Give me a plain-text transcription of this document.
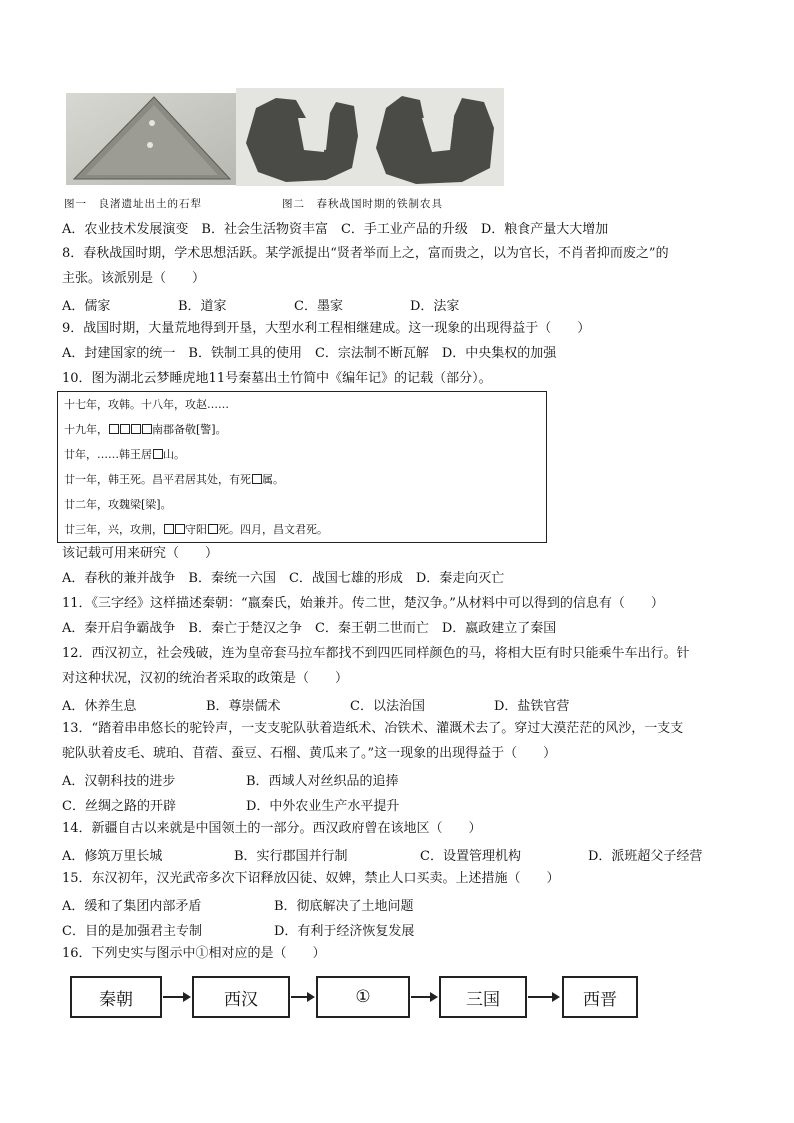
图一　良渚遗址出土的石犁	图二　春秋战国时期的铁制农具
A．农业技术发展演变　B．社会生活物资丰富　C．手工业产品的升级　D．粮食产量大大增加
8．春秋战国时期，学术思想活跃。某学派提出“贤者举而上之，富而贵之，以为官长，不肖者抑而废之”的
主张。该派别是（　　）
A．儒家	B．道家	C．墨家	D．法家
9．战国时期，大量荒地得到开垦，大型水利工程相继建成。这一现象的出现得益于（　　）
A．封建国家的统一　B．铁制工具的使用　C．宗法制不断瓦解　D．中央集权的加强
10．图为湖北云梦睡虎地11号秦墓出土竹简中《编年记》的记载（部分）。
十七年，攻韩。十八年，攻赵……
十九年，	南郡备敬[警]。
廿年，……韩王居 山。
廿一年，韩王死。昌平君居其处，有死 属。
廿二年，攻魏梁[梁]。
廿三年，兴，攻荆， 守阳 死。四月，昌文君死。
该记载可用来研究（　　）
A．春秋的兼并战争　B．秦统一六国　C．战国七雄的形成　D．秦走向灭亡
11．《三字经》这样描述秦朝：“嬴秦氏，始兼并。传二世，楚汉争。”从材料中可以得到的信息有（　　）
A．秦开启争霸战争　B．秦亡于楚汉之争　C．秦王朝二世而亡　D．嬴政建立了秦国
12．西汉初立，社会残破，连为皇帝套马拉车都找不到四匹同样颜色的马，将相大臣有时只能乘牛车出行。针
对这种状况，汉初的统治者采取的政策是（　　）
A．休养生息	B．尊崇儒术	C．以法治国	D．盐铁官营
13．“踏着串串悠长的驼铃声，一支支驼队驮着造纸术、冶铁术、灌溉术去了。穿过大漠茫茫的风沙，一支支
驼队驮着皮毛、琥珀、苜蓿、蚕豆、石榴、黄瓜来了。”这一现象的出现得益于（　　）
A．汉朝科技的进步	B．西域人对丝织品的追捧
C．丝绸之路的开辟	D．中外农业生产水平提升
14．新疆自古以来就是中国领土的一部分。西汉政府曾在该地区（　　）
A．修筑万里长城	B．实行郡国并行制	C．设置管理机构	D．派班超父子经营
15．东汉初年，汉光武帝多次下诏释放囚徒、奴婢，禁止人口买卖。上述措施（　　）
A．缓和了集团内部矛盾	B．彻底解决了土地问题
C．目的是加强君主专制	D．有利于经济恢复发展
16．下列史实与图示中①相对应的是（　　）
秦朝	西汉	①	三国	西晋
